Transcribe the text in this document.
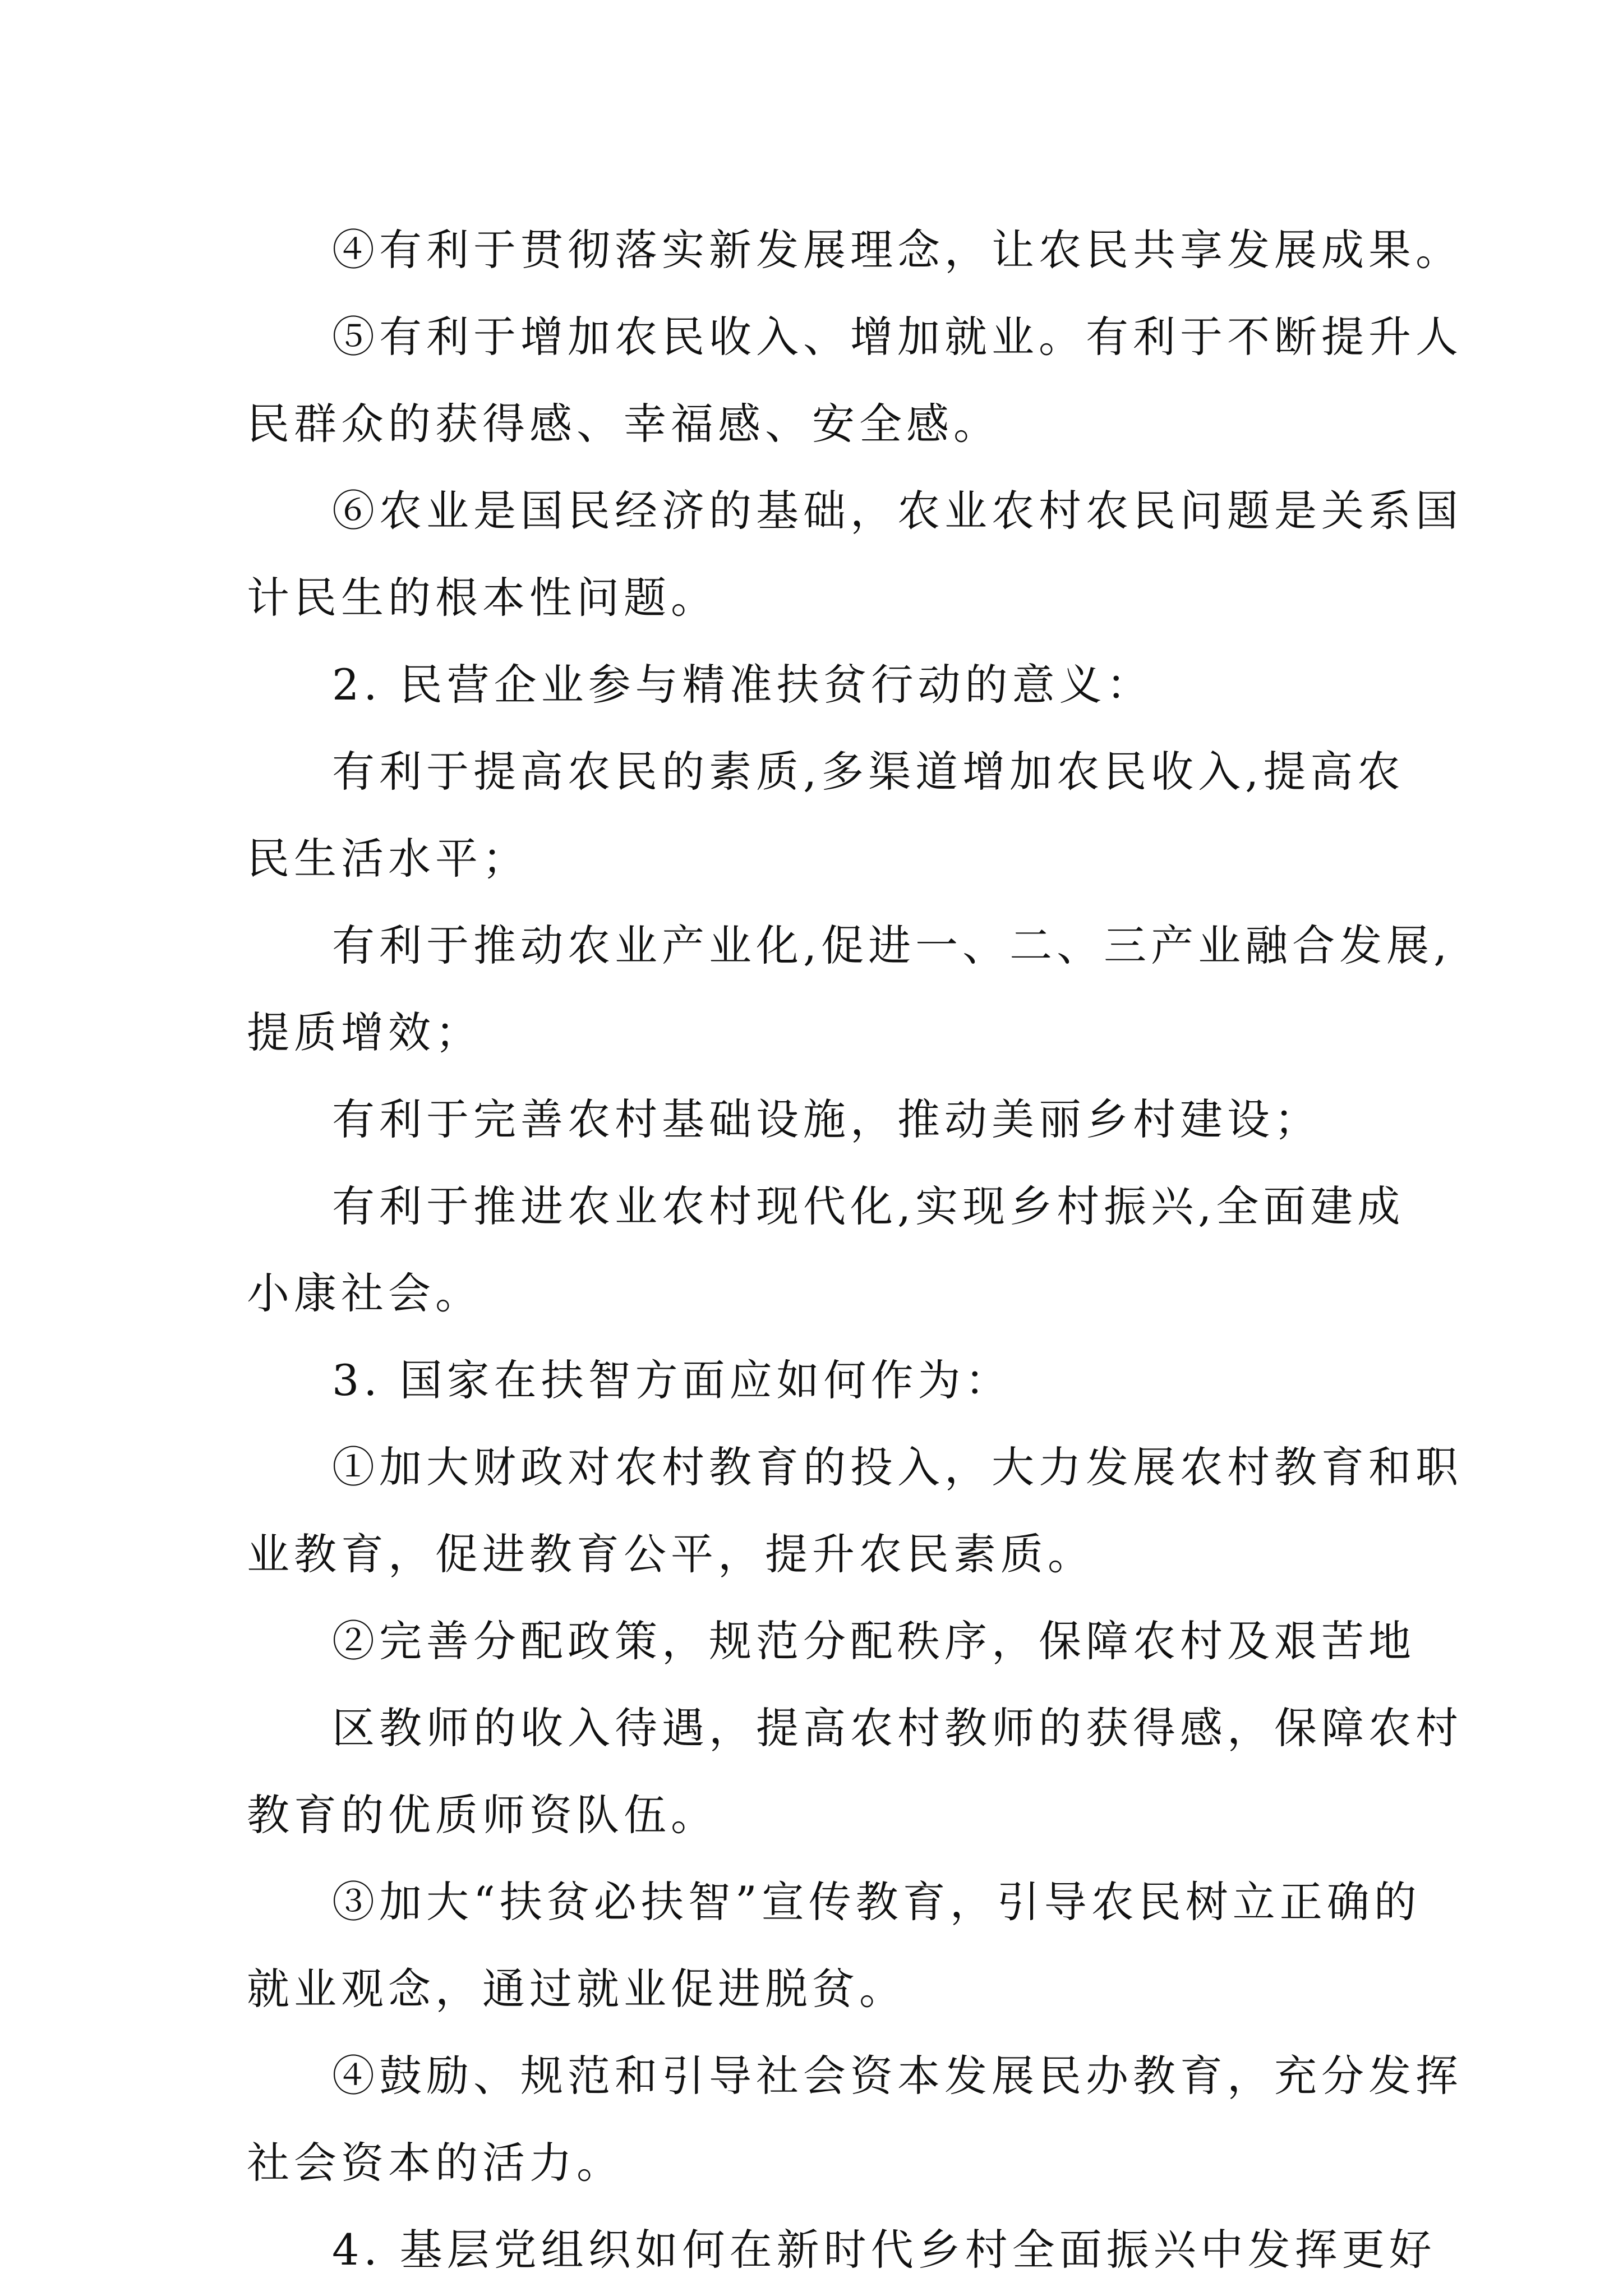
④有利于贯彻落实新发展理念，让农民共享发展成果。
⑤有利于增加农民收入、增加就业。有利于不断提升人
民群众的获得感、幸福感、安全感。
⑥农业是国民经济的基础，农业农村农民问题是关系国
计民生的根本性问题。
2. 民营企业参与精准扶贫行动的意义：
有利于提高农民的素质,多渠道增加农民收入,提高农
民生活水平；
有利于推动农业产业化,促进一、二、三产业融合发展,
提质增效；
有利于完善农村基础设施，推动美丽乡村建设；
有利于推进农业农村现代化,实现乡村振兴,全面建成
小康社会。
3. 国家在扶智方面应如何作为：
①加大财政对农村教育的投入，大力发展农村教育和职
业教育，促进教育公平，提升农民素质。
②完善分配政策，规范分配秩序，保障农村及艰苦地
区教师的收入待遇，提高农村教师的获得感，保障农村
教育的优质师资队伍。
③加大“扶贫必扶智”宣传教育，引导农民树立正确的
就业观念，通过就业促进脱贫。
④鼓励、规范和引导社会资本发展民办教育，充分发挥
社会资本的活力。
4. 基层党组织如何在新时代乡村全面振兴中发挥更好
